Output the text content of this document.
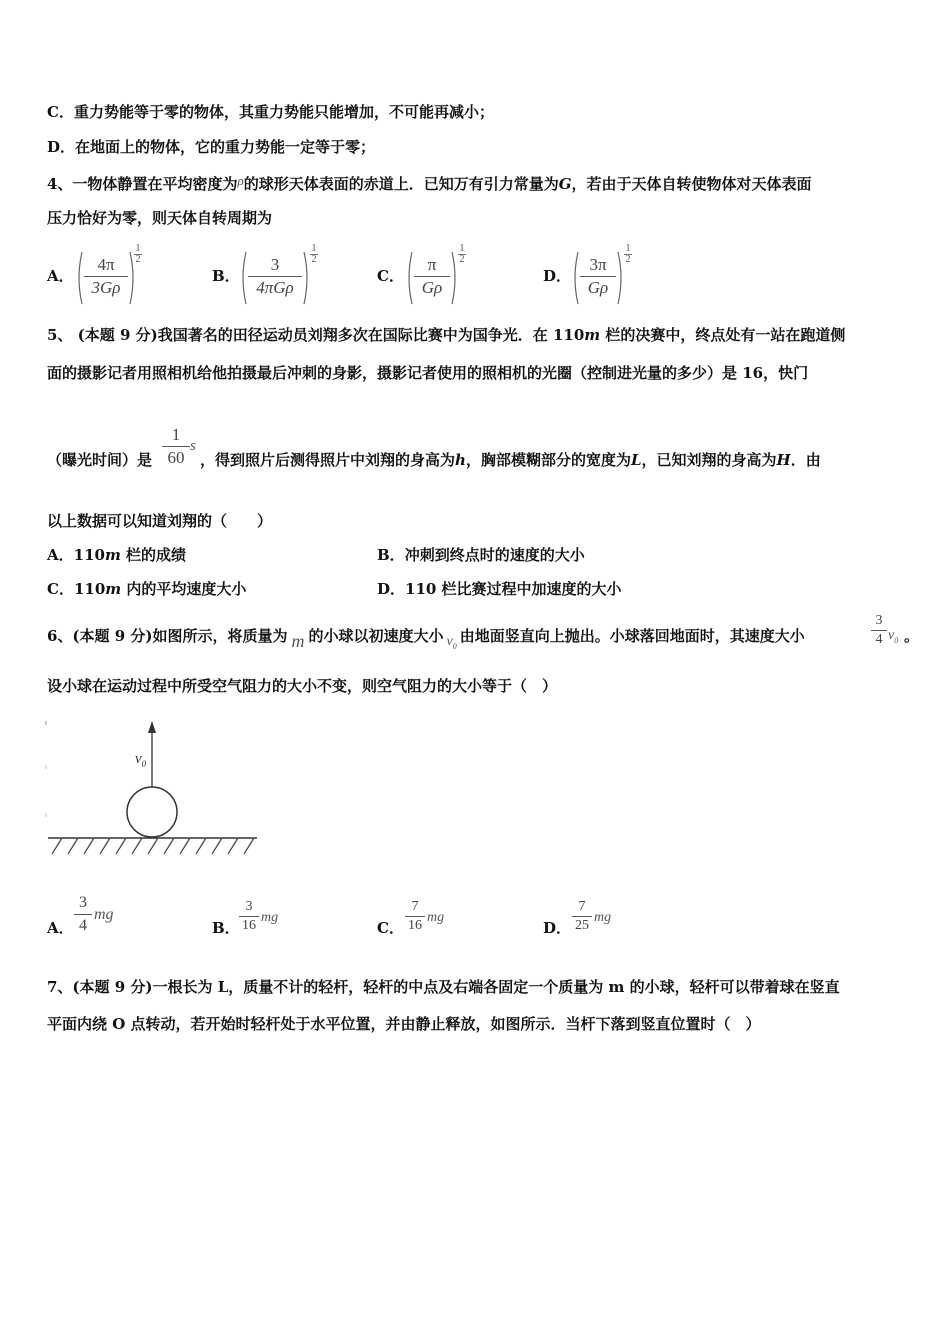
C．重力势能等于零的物体，其重力势能只能增加，不可能再减小；
D．在地面上的物体，它的重力势能一定等于零；
4、一物体静置在平均密度为ρ的球形天体表面的赤道上．已知万有引力常量为G，若由于天体自转使物体对天体表面
压力恰好为零，则天体自转周期为
A． $\frac{4\pi}{3G\rho}$
1
2
B．
3
4πGρ
1
2
C． $\frac{\pi}{G\rho}$
1
2
D． $\frac{3\pi}{G\rho}$
1
2
5、 (本题 9 分)我国著名的田径运动员刘翔多次在国际比赛中为国争光．在 110m 栏的决赛中，终点处有一站在跑道侧
面的摄影记者用照相机给他拍摄最后冲刺的身影，摄影记者使用的照相机的光圈（控制进光量的多少）是 16，快门
1
60
s
（曝光时间）是	，得到照片后测得照片中刘翔的身高为h，胸部模糊部分的宽度为L，已知刘翔的身高为H．由
以上数据可以知道刘翔的（　　）
A．110m 栏的成绩	B．冲刺到终点时的速度的大小
C．110m 内的平均速度大小	D．110 栏比赛过程中加速度的大小
6、(本题 9 分)如图所示，将质量为 m 的小球以初速度大小 $v_0$由地面竖直向上抛出。小球落回地面时，其速度大小
3
4 $v_0$ 。
设小球在运动过程中所受空气阻力的大小不变，则空气阻力的大小等于（　）
$v_0$
A．
3
4
mg
B．
3
16
mg
C．
7
16
mg
D．
7
25
mg
7、(本题 9 分)一根长为 L，质量不计的轻杆，轻杆的中点及右端各固定一个质量为 m 的小球，轻杆可以带着球在竖直
平面内绕 O 点转动，若开始时轻杆处于水平位置，并由静止释放，如图所示．当杆下落到竖直位置时（　）
